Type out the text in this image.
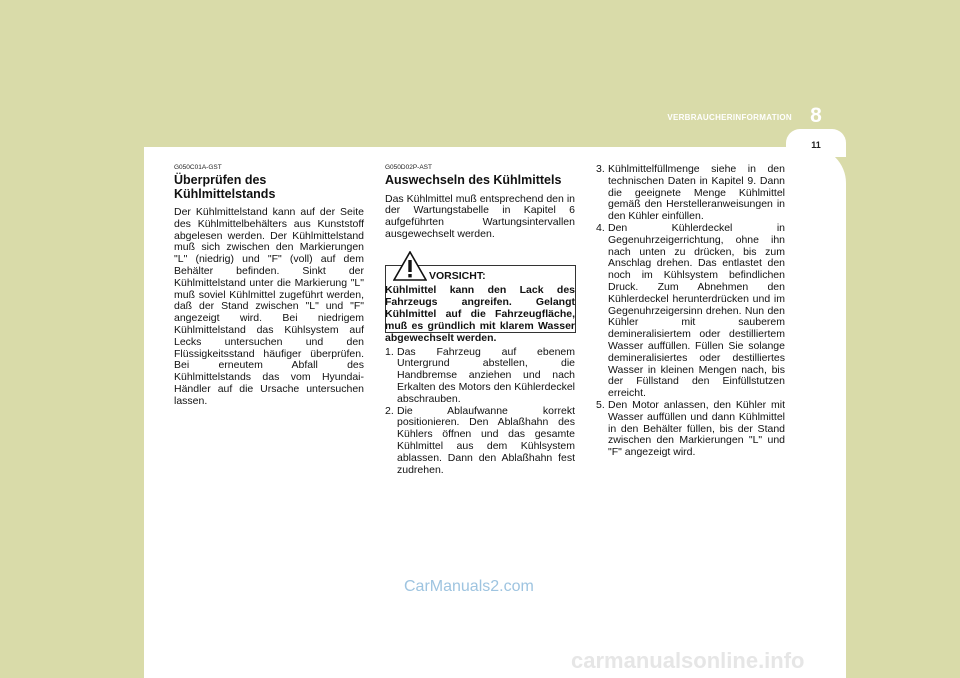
VERBRAUCHERINFORMATION 8
11
G050C01A-GST
Überprüfen des Kühlmittelstands

Der Kühlmittelstand kann auf der Seite des Kühlmittelbehälters aus Kunststoff abgelesen werden. Der Kühlmittelstand muß sich zwischen den Markierungen "L" (niedrig) und "F" (voll) auf dem Behälter befinden. Sinkt der Kühlmittelstand unter die Markierung "L" muß soviel Kühlmittel zugeführt werden, daß der Stand zwischen "L" und "F" angezeigt wird. Bei niedrigem Kühlmittelstand das Kühlsystem auf Lecks untersuchen und den Flüssigkeitsstand häufiger überprüfen. Bei erneutem Abfall des Kühlmittelstands das vom Hyundai-Händler auf die Ursache untersuchen lassen.

G050D02P-AST
Auswechseln des Kühlmittels

Das Kühlmittel muß entsprechend den in der Wartungstabelle in Kapitel 6 aufgeführten Wartungsintervallen ausgewechselt werden.

VORSICHT:
Kühlmittel kann den Lack des Fahrzeugs angreifen. Gelangt Kühlmittel auf die Fahrzeugfläche, muß es gründlich mit klarem Wasser abgewechselt werden.
1. Das Fahrzeug auf ebenem Untergrund abstellen, die Handbremse anziehen und nach Erkalten des Motors den Kühlerdeckel abschrauben.
2. Die Ablaufwanne korrekt positionieren. Den Ablaßhahn des Kühlers öffnen und das gesamte Kühlmittel aus dem Kühlsystem ablassen. Dann den Ablaßhahn fest zudrehen.
3. Kühlmittelfüllmenge siehe in den technischen Daten in Kapitel 9. Dann die geeignete Menge Kühlmittel gemäß den Herstelleranweisungen in den Kühler einfüllen.
4. Den Kühlerdeckel in Gegenuhrzeigerrichtung, ohne ihn nach unten zu drücken, bis zum Anschlag drehen. Das entlastet den noch im Kühlsystem befindlichen Druck. Zum Abnehmen den Kühlerdeckel herunterdrücken und im Gegenuhrzeigersinn drehen. Nun den Kühler mit sauberem demineralisiertem oder destilliertem Wasser auffüllen. Füllen Sie solange demineralisiertes oder destilliertes Wasser in kleinen Mengen nach, bis der Füllstand den Einfüllstutzen erreicht.
5. Den Motor anlassen, den Kühler mit Wasser auffüllen und dann Kühlmittel in den Behälter füllen, bis der Stand zwischen den Markierungen "L" und "F" angezeigt wird.
CarManuals2.com
carmanualsonline.info
